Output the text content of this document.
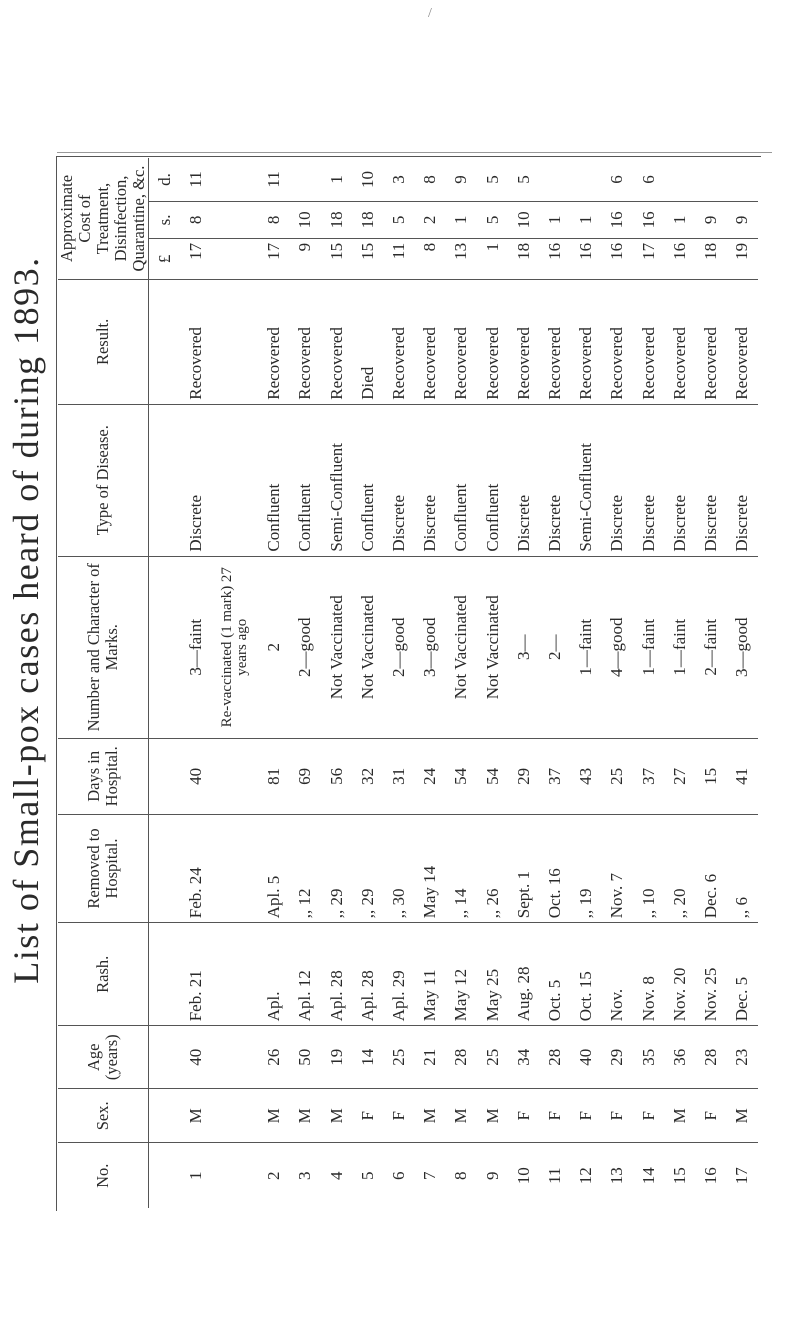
/
List of Small-pox cases heard of during 1893.
No.	Sex.	Age (years)	Rash.	Removed to Hospital.	Days in Hospital.	Number and Character of Marks.	Type of Disease.	Result.	Approximate Cost of Treatment, Disinfection, Quarantine, &c.		
									£	s.	d.
1	M	40	Feb. 21	Feb. 24	40	3—faint	Discrete	Recovered	17	8	11
						Re-vaccinated (1 mark) 27 years ago					
2	M	26	Apl.	Apl. 5	81	2	Confluent	Recovered	17	8	11
3	M	50	Apl. 12	,, 12	69	2—good	Confluent	Recovered	9	10	
4	M	19	Apl. 28	,, 29	56	Not Vaccinated	Semi-Confluent	Recovered	15	18	1
5	F	14	Apl. 28	,, 29	32	Not Vaccinated	Confluent	Died	15	18	10
6	F	25	Apl. 29	,, 30	31	2—good	Discrete	Recovered	11	5	3
7	M	21	May 11	May 14	24	3—good	Discrete	Recovered	8	2	8
8	M	28	May 12	,, 14	54	Not Vaccinated	Confluent	Recovered	13	1	9
9	M	25	May 25	,, 26	54	Not Vaccinated	Confluent	Recovered	1	5	5
10	F	34	Aug. 28	Sept. 1	29	3—	Discrete	Recovered	18	10	5
11	F	28	Oct. 5	Oct. 16	37	2—	Discrete	Recovered	16	1	
12	F	40	Oct. 15	,, 19	43	1—faint	Semi-Confluent	Recovered	16	1	
13	F	29	Nov.	Nov. 7	25	4—good	Discrete	Recovered	16	16	6
14	F	35	Nov. 8	,, 10	37	1—faint	Discrete	Recovered	17	16	6
15	M	36	Nov. 20	,, 20	27	1—faint	Discrete	Recovered	16	1	
16	F	28	Nov. 25	Dec. 6	15	2—faint	Discrete	Recovered	18	9	
17	M	23	Dec. 5	,, 6	41	3—good	Discrete	Recovered	19	9	
